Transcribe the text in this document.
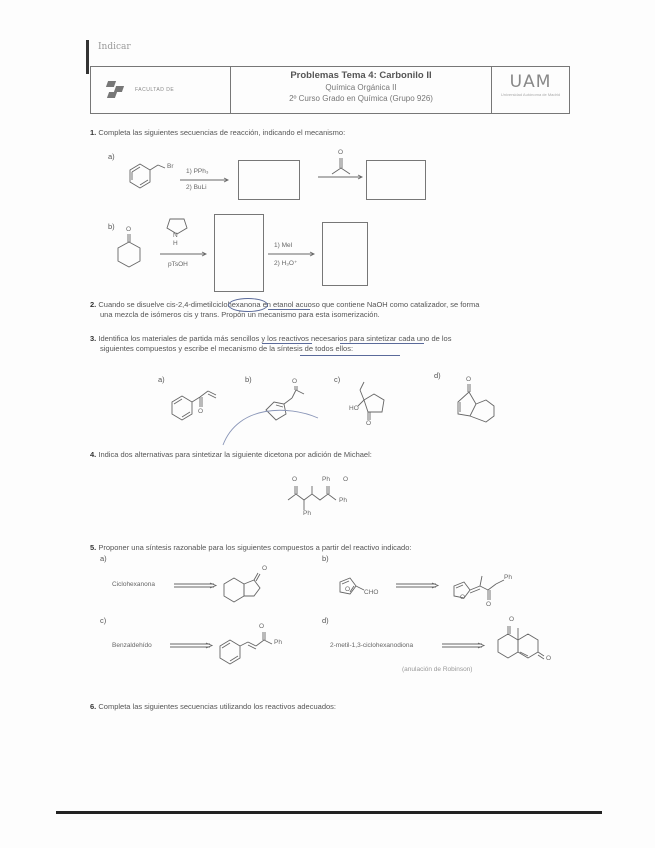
Indicar
FACULTAD DE
Problemas Tema 4: Carbonilo II
Química Orgánica II
2º Curso Grado en Química (Grupo 926)
UAM
Universidad Autónoma de Madrid
1. Completa las siguientes secuencias de reacción, indicando el mecanismo:
a)
Br
1) PPh₃
2) BuLi
O
b) O
N
H
pTsOH
1) MeI
2) H₃O⁺
2. Cuando se disuelve cis-2,4-dimetilciclohexanona en etanol acuoso que contiene NaOH como catalizador, se forma
una mezcla de isómeros cis y trans. Propón un mecanismo para esta isomerización.
3. Identifica los materiales de partida más sencillos y los reactivos necesarios para sintetizar cada uno de los
siguientes compuestos y escribe el mecanismo de la síntesis de todos ellos:
a)	b)	c)	d)
O
O
HO
O
O
4. Indica dos alternativas para sintetizar la siguiente dicetona por adición de Michael:
O	Ph O
Ph
Ph
5. Proponer una síntesis razonable para los siguientes compuestos a partir del reactivo indicado:
a)	b)
Ciclohexanona
O
O CHO
O
Ph
O
c)	d)
Benzaldehído
O
Ph	2-metil-1,3-ciclohexanodiona
O
O
(anulación de Robinson)
6. Completa las siguientes secuencias utilizando los reactivos adecuados:
